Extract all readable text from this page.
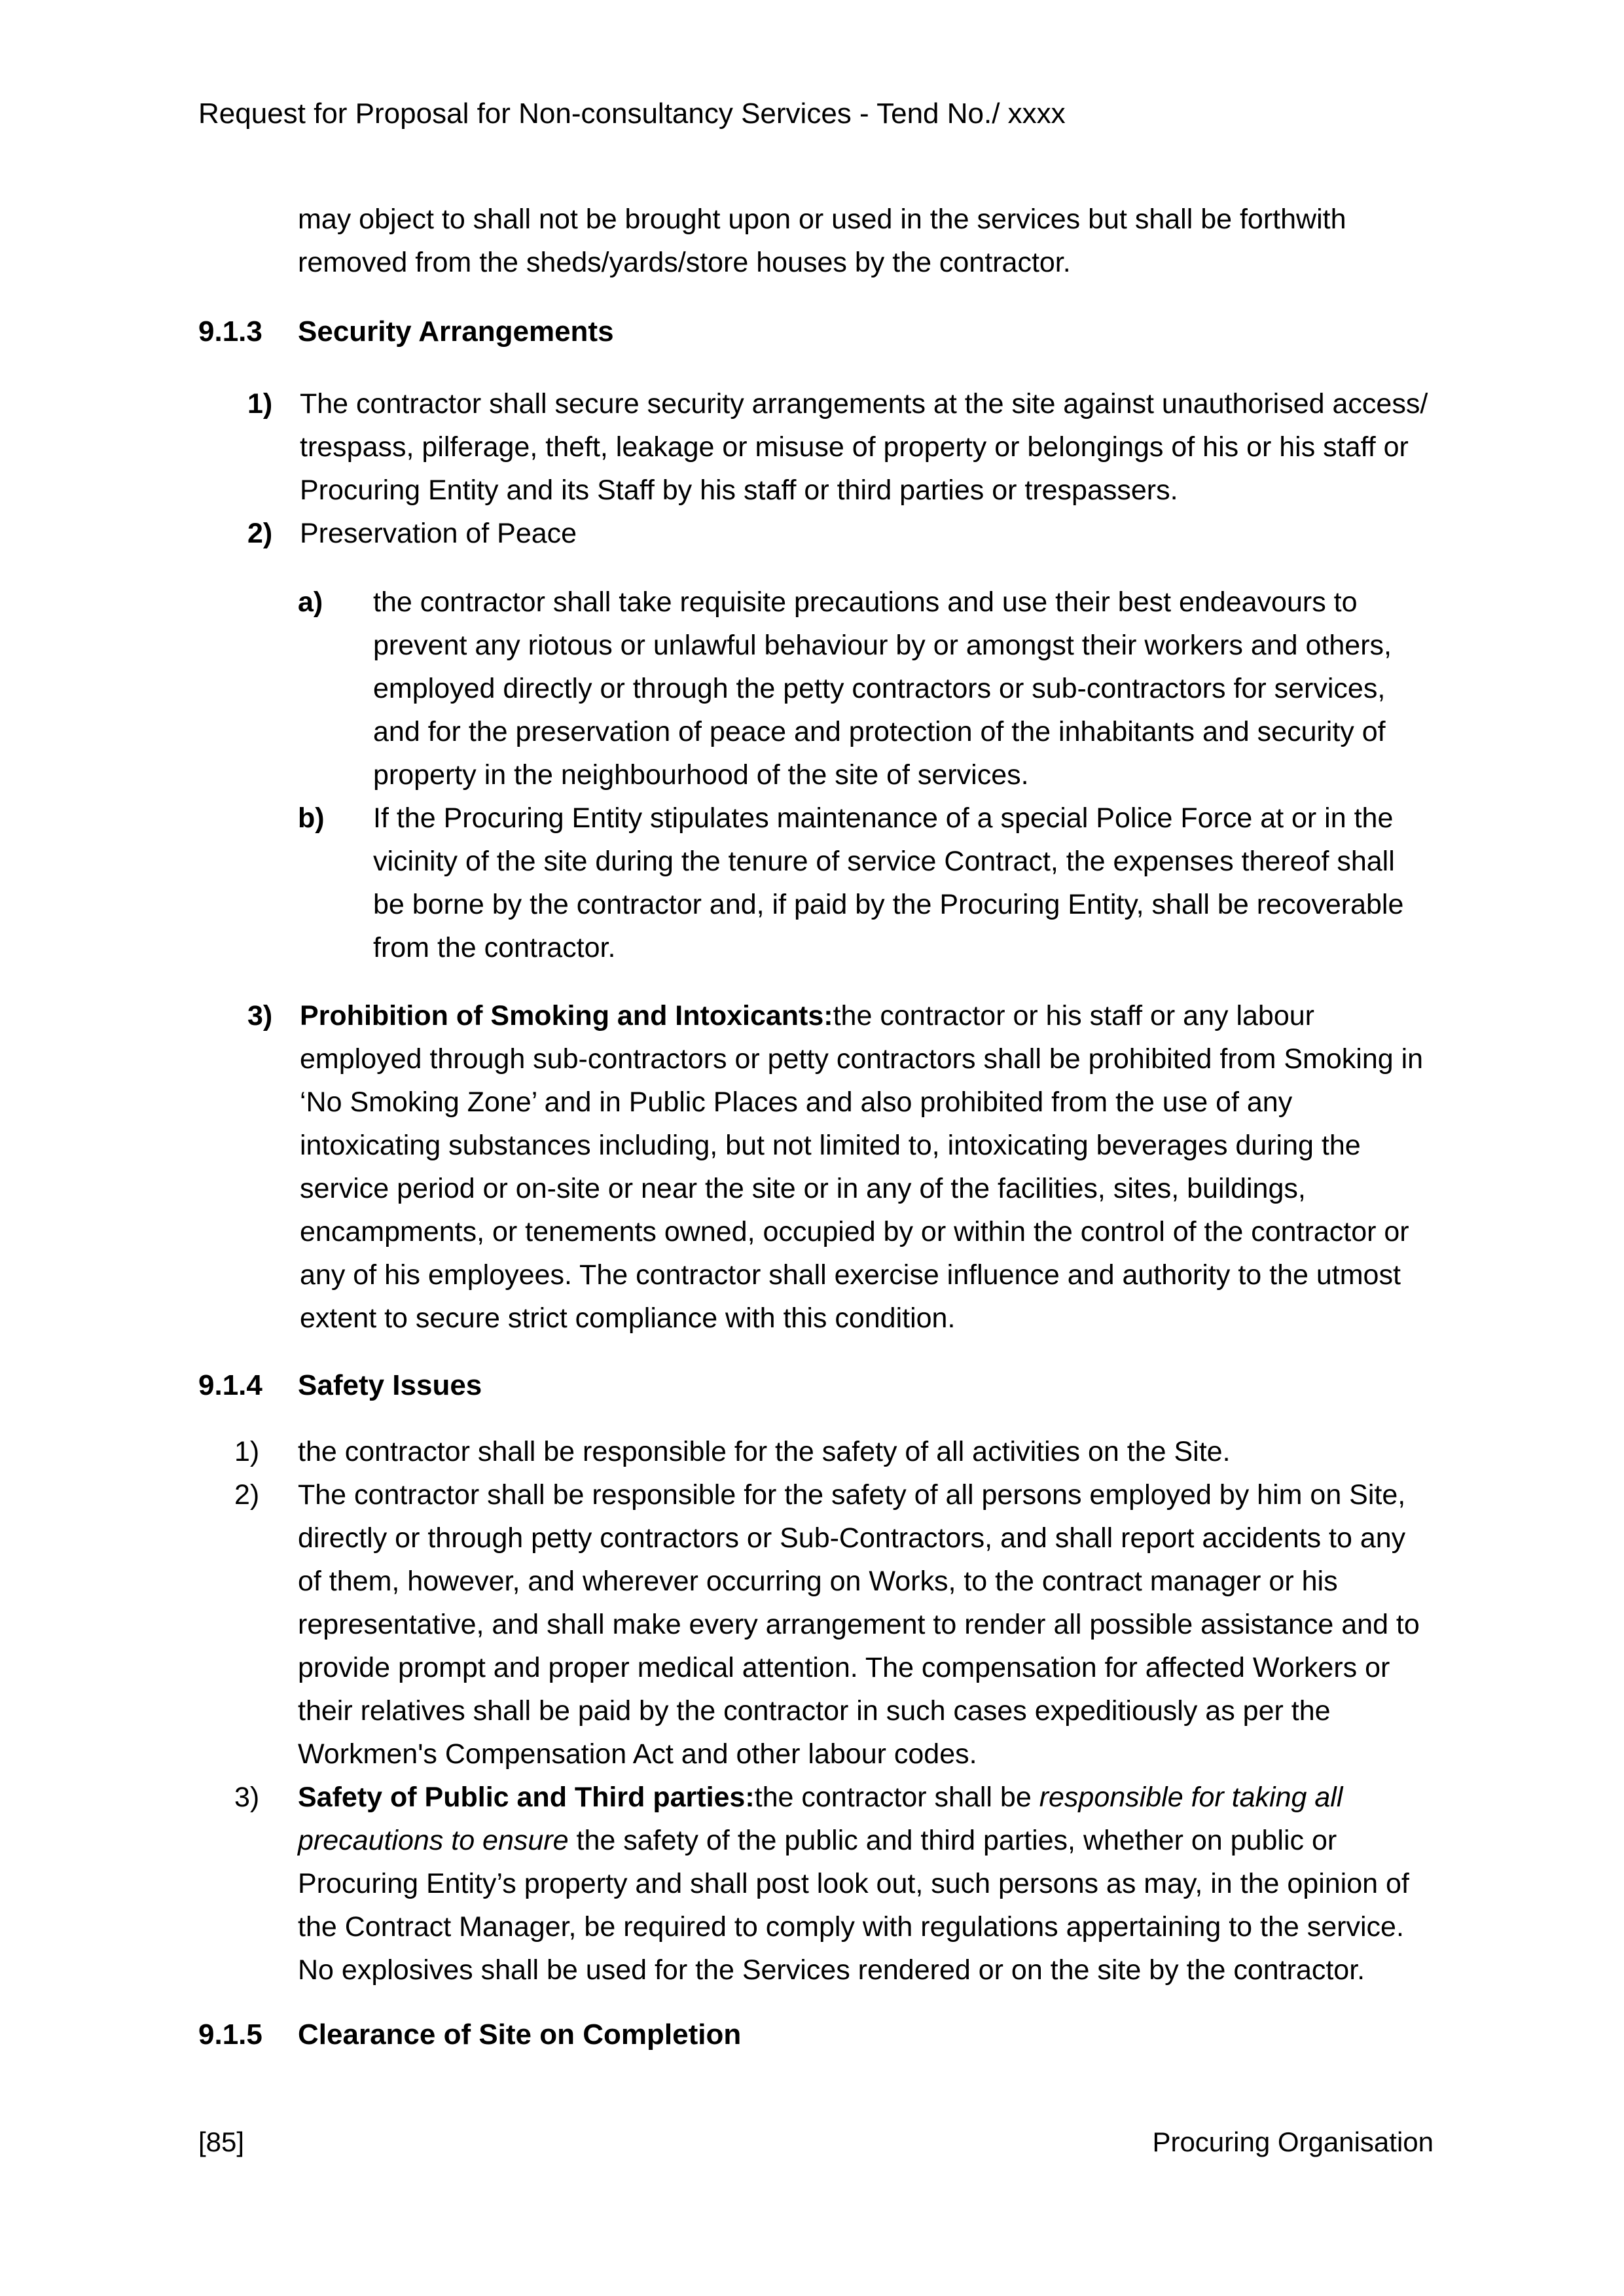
Request for Proposal for Non-consultancy Services - Tend No./ xxxx

may object to shall not be brought upon or used in the services but shall be forthwith removed from the sheds/yards/store houses by the contractor.

9.1.3	Security Arrangements
1) The contractor shall secure security arrangements at the site against unauthorised access/ trespass, pilferage, theft, leakage or misuse of property or belongings of his or his staff or Procuring Entity and its Staff by his staff or third parties or trespassers.
2) Preservation of Peace
a)	the contractor shall take requisite precautions and use their best endeavours to prevent any riotous or unlawful behaviour by or amongst their workers and others, employed directly or through the petty contractors or sub-contractors for services, and for the preservation of peace and protection of the inhabitants and security of property in the neighbourhood of the site of services.
b)	If the Procuring Entity stipulates maintenance of a special Police Force at or in the vicinity of the site during the tenure of service Contract, the expenses thereof shall be borne by the contractor and, if paid by the Procuring Entity, shall be recoverable from the contractor.
3) Prohibition of Smoking and Intoxicants:the contractor or his staff or any labour employed through sub-contractors or petty contractors shall be prohibited from Smoking in ‘No Smoking Zone’ and in Public Places and also prohibited from the use of any intoxicating substances including, but not limited to, intoxicating beverages during the service period or on-site or near the site or in any of the facilities, sites, buildings, encampments, or tenements owned, occupied by or within the control of the contractor or any of his employees. The contractor shall exercise influence and authority to the utmost extent to secure strict compliance with this condition.
9.1.4	Safety Issues
1)	the contractor shall be responsible for the safety of all activities on the Site.
2)	The contractor shall be responsible for the safety of all persons employed by him on Site, directly or through petty contractors or Sub-Contractors, and shall report accidents to any of them, however, and wherever occurring on Works, to the contract manager or his representative, and shall make every arrangement to render all possible assistance and to provide prompt and proper medical attention. The compensation for affected Workers or their relatives shall be paid by the contractor in such cases expeditiously as per the Workmen's Compensation Act and other labour codes.
3)	Safety of Public and Third parties:the contractor shall be responsible for taking all precautions to ensure the safety of the public and third parties, whether on public or Procuring Entity’s property and shall post look out, such persons as may, in the opinion of the Contract Manager, be required to comply with regulations appertaining to the service. No explosives shall be used for the Services rendered or on the site by the contractor.
9.1.5	Clearance of Site on Completion
[85]	Procuring Organisation
